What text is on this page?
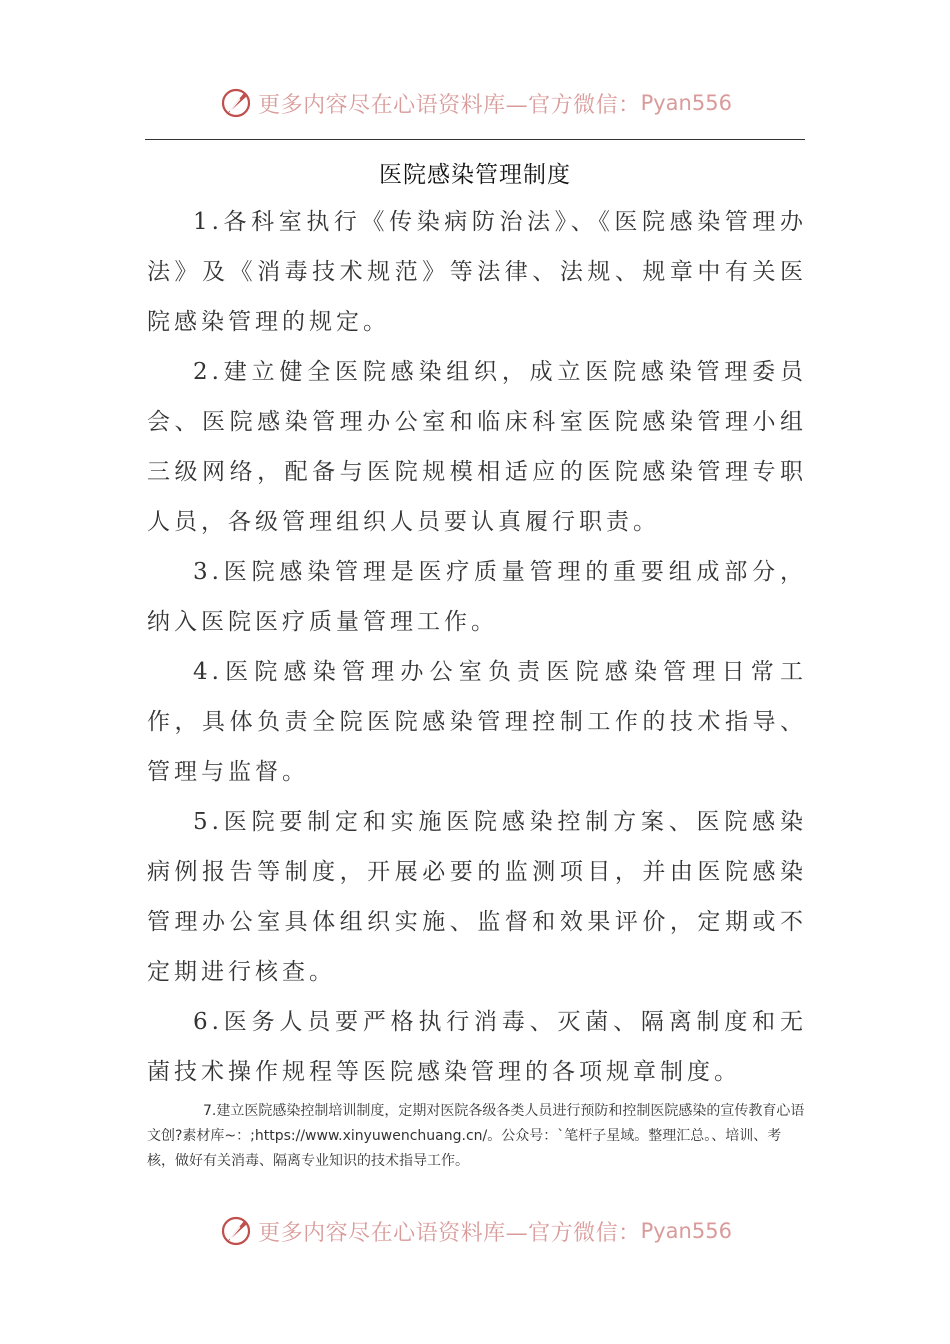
更多内容尽在心语资料库—官方微信： Pyan556
医院感染管理制度

1.各科室执行《传染病防治法》、《医院感染管理办法》及《消毒技术规范》等法律、法规、规章中有关医院感染管理的规定。

2.建立健全医院感染组织，成立医院感染管理委员会、医院感染管理办公室和临床科室医院感染管理小组三级网络，配备与医院规模相适应的医院感染管理专职人员，各级管理组织人员要认真履行职责。

3.医院感染管理是医疗质量管理的重要组成部分，纳入医院医疗质量管理工作。

4.医院感染管理办公室负责医院感染管理日常工作，具体负责全院医院感染管理控制工作的技术指导、管理与监督。

5.医院要制定和实施医院感染控制方案、医院感染病例报告等制度，开展必要的监测项目，并由医院感染管理办公室具体组织实施、监督和效果评价，定期或不定期进行核查。

6.医务人员要严格执行消毒、灭菌、隔离制度和无菌技术操作规程等医院感染管理的各项规章制度。

7.建立医院感染控制培训制度，定期对医院各级各类人员进行预防和控制医院感染的宣传教育心语文创?素材库~：;https://www.xinyuwenchuang.cn/。公众号：`笔杆子星域。整理汇总。、培训、考核，做好有关消毒、隔离专业知识的技术指导工作。

更多内容尽在心语资料库—官方微信： Pyan556
